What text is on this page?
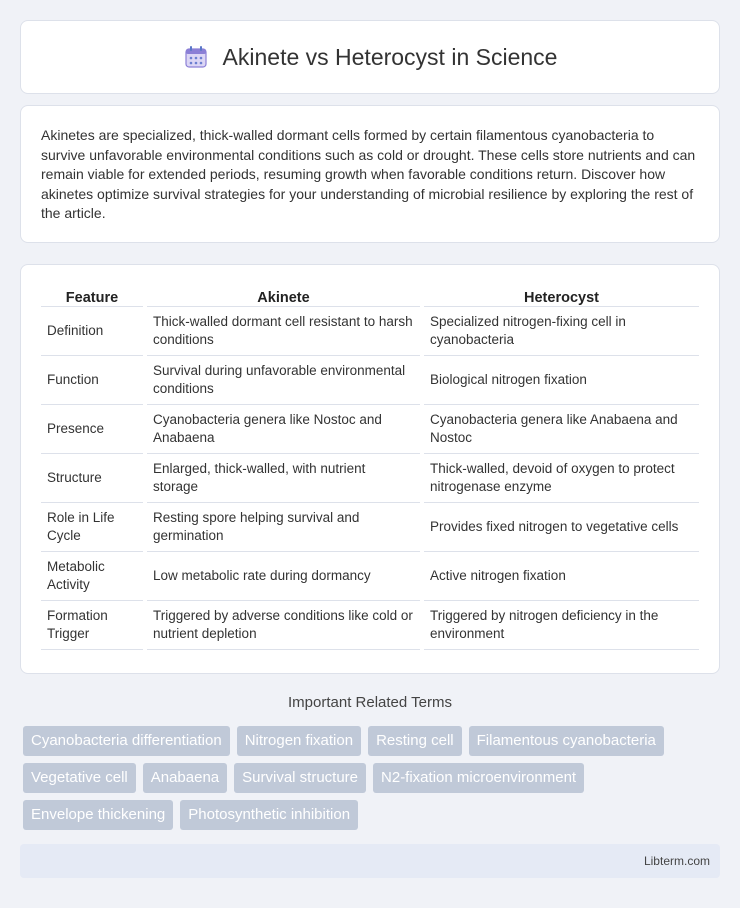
Akinete vs Heterocyst in Science

Akinetes are specialized, thick-walled dormant cells formed by certain filamentous cyanobacteria to survive unfavorable environmental conditions such as cold or drought. These cells store nutrients and can remain viable for extended periods, resuming growth when favorable conditions return. Discover how akinetes optimize survival strategies for your understanding of microbial resilience by exploring the rest of the article.

Feature	Akinete	Heterocyst
Definition	Thick-walled dormant cell resistant to harsh conditions	Specialized nitrogen-fixing cell in cyanobacteria
Function	Survival during unfavorable environmental conditions	Biological nitrogen fixation
Presence	Cyanobacteria genera like Nostoc and Anabaena	Cyanobacteria genera like Anabaena and Nostoc
Structure	Enlarged, thick-walled, with nutrient storage	Thick-walled, devoid of oxygen to protect nitrogenase enzyme
Role in Life Cycle	Resting spore helping survival and germination	Provides fixed nitrogen to vegetative cells
Metabolic Activity	Low metabolic rate during dormancy	Active nitrogen fixation
Formation Trigger	Triggered by adverse conditions like cold or nutrient depletion	Triggered by nitrogen deficiency in the environment
Important Related Terms
Cyanobacteria differentiation	Nitrogen fixation	Resting cell	Filamentous cyanobacteria
Vegetative cell	Anabaena	Survival structure	N2-fixation microenvironment
Envelope thickening	Photosynthetic inhibition
Libterm.com
